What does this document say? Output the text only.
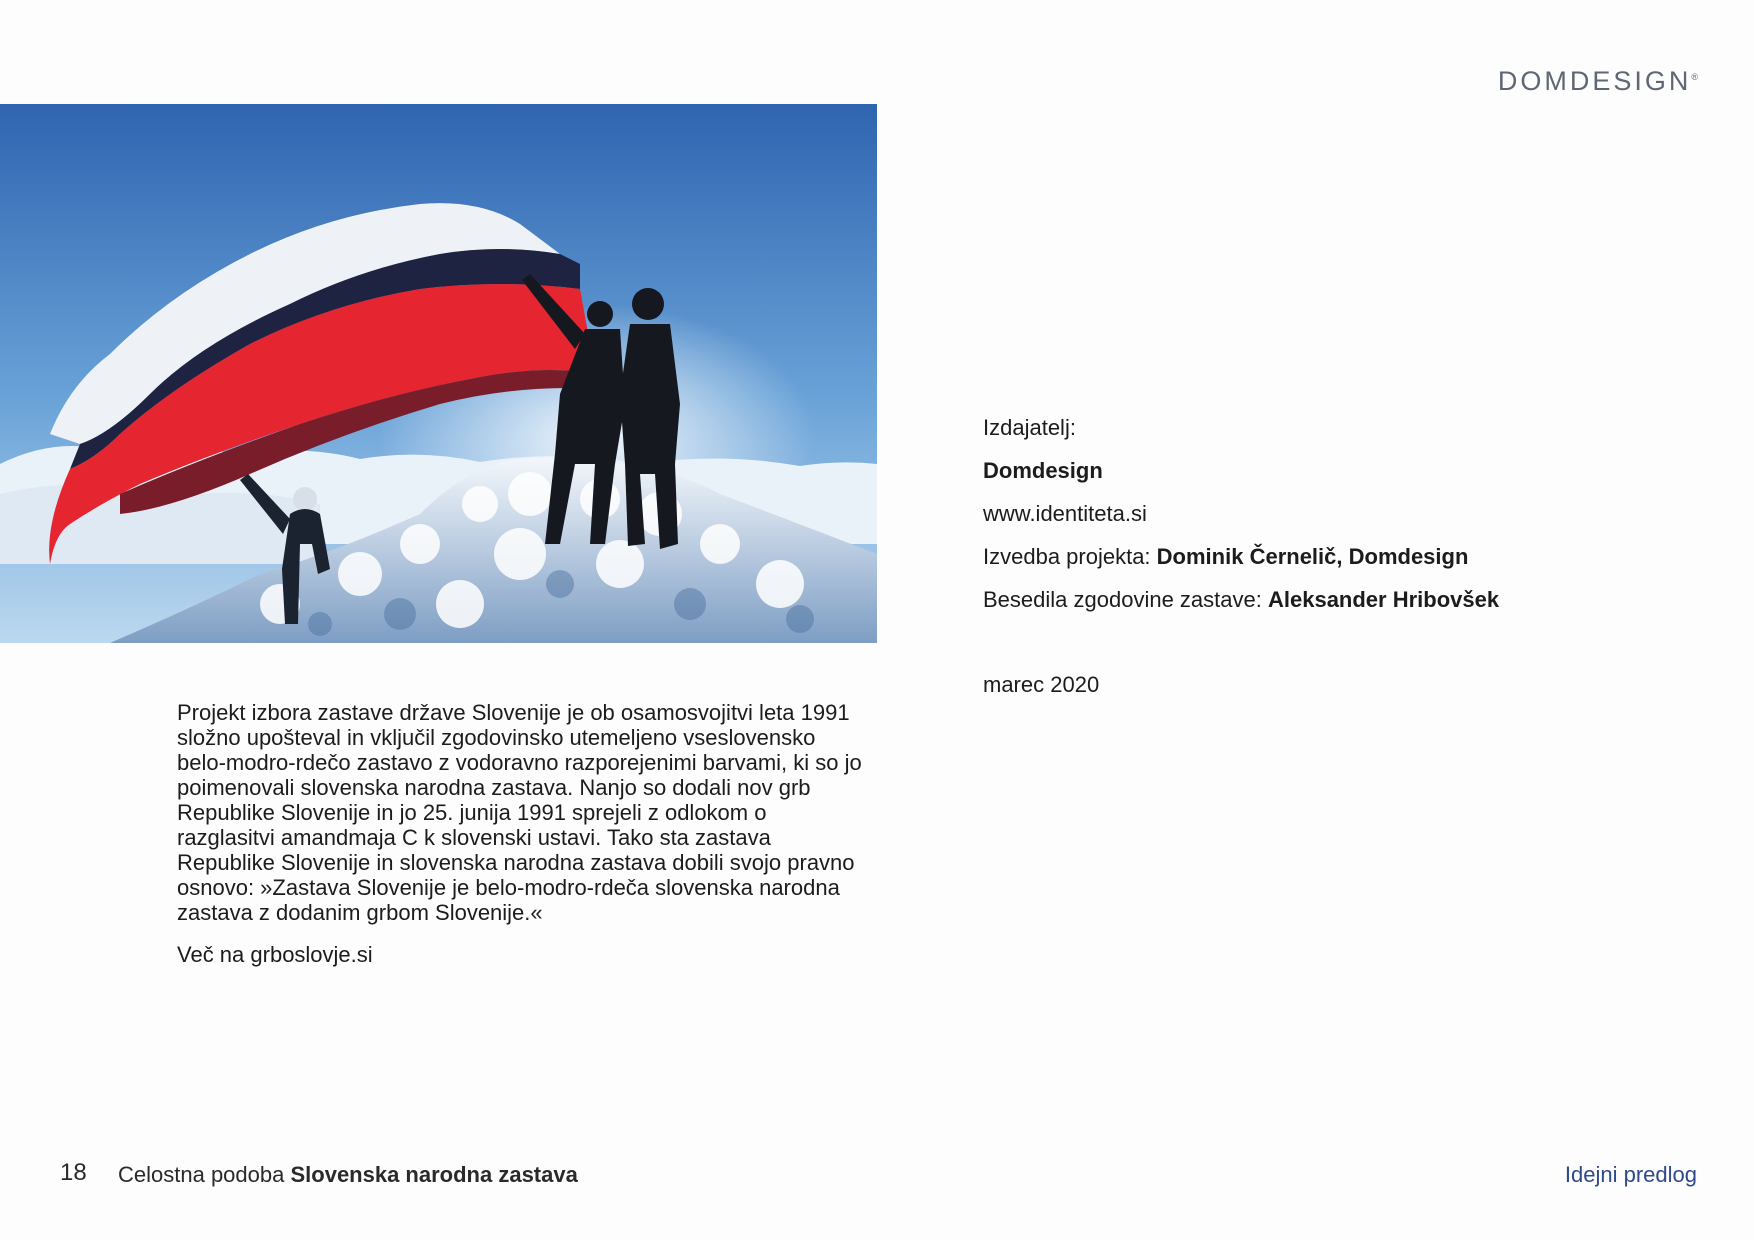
DOMDESIGN®

Projekt izbora zastave države Slovenije je ob osamosvojitvi leta 1991 složno upošteval in vključil zgodovinsko utemeljeno vseslovensko belo-modro-rdečo zastavo z vodoravno razporejenimi barvami, ki so jo poimenovali slovenska narodna zastava. Nanjo so dodali nov grb Republike Slovenije in jo 25. junija 1991 sprejeli z odlokom o razglasitvi amandmaja C k slovenski ustavi. Tako sta zastava Republike Slovenije in slovenska narodna zastava dobili svojo pravno osnovo: »Zastava Slovenije je belo-modro-rdeča slovenska narodna zastava z dodanim grbom Slovenije.«

Več na grboslovje.si

Izdajatelj:
Domdesign
www.identiteta.si
Izvedba projekta: Dominik Černelič, Domdesign
Besedila zgodovine zastave: Aleksander Hribovšek
marec 2020
18 Celostna podoba Slovenska narodna zastava	Idejni predlog
